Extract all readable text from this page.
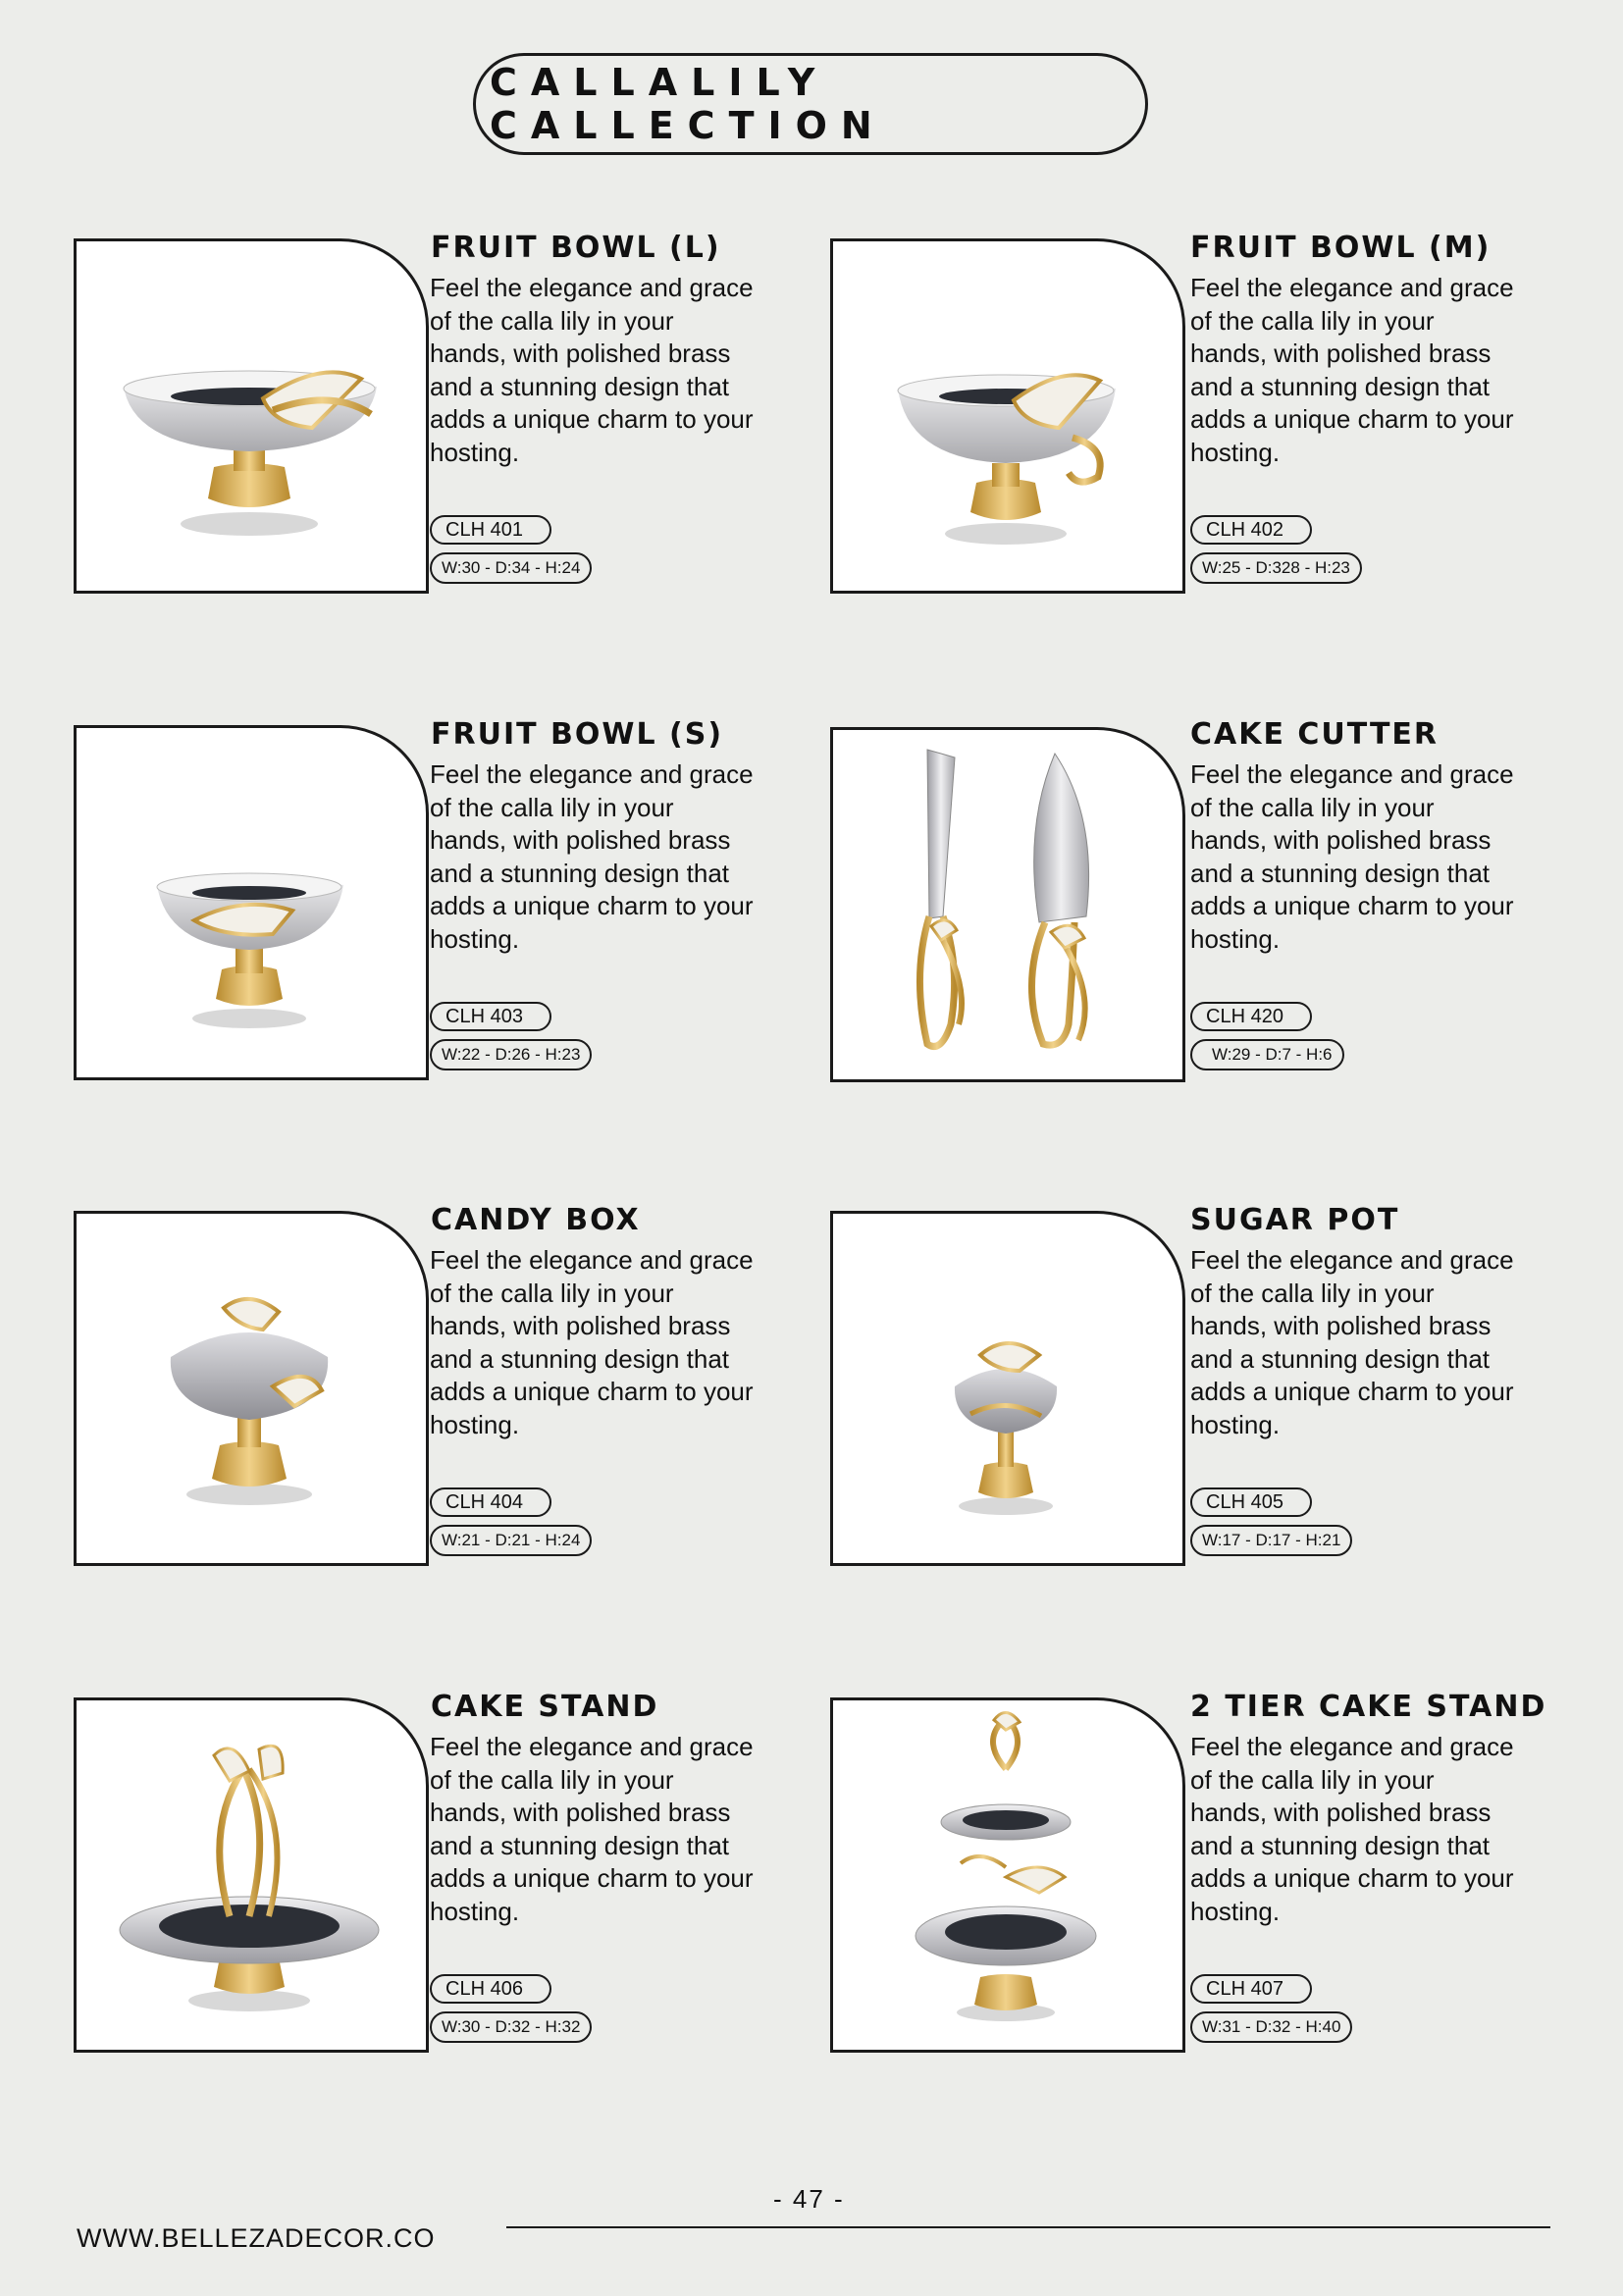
CALLALILY CALLECTION
FRUIT BOWL (L)
Feel the elegance and grace of the calla lily in your hands, with polished brass and a stunning design that adds a unique charm to your hosting.
CLH 401
W:30 - D:34 - H:24
FRUIT BOWL (M)
Feel the elegance and grace of the calla lily in your hands, with polished brass and a stunning design that adds a unique charm to your hosting.
CLH 402
W:25 - D:328 - H:23
FRUIT BOWL (S)
Feel the elegance and grace of the calla lily in your hands, with polished brass and a stunning design that adds a unique charm to your hosting.
CLH 403
W:22 - D:26 - H:23
CAKE CUTTER
Feel the elegance and grace of the calla lily in your hands, with polished brass and a stunning design that adds a unique charm to your hosting.
CLH 420
W:29 - D:7 - H:6
CANDY BOX
Feel the elegance and grace of the calla lily in your hands, with polished brass and a stunning design that adds a unique charm to your hosting.
CLH 404
W:21 - D:21 - H:24
SUGAR POT
Feel the elegance and grace of the calla lily in your hands, with polished brass and a stunning design that adds a unique charm to your hosting.
CLH 405
W:17 - D:17 - H:21
CAKE STAND
Feel the elegance and grace of the calla lily in your hands, with polished brass and a stunning design that adds a unique charm to your hosting.
CLH 406
W:30 - D:32 - H:32
2 TIER CAKE STAND
Feel the elegance and grace of the calla lily in your hands, with polished brass and a stunning design that adds a unique charm to your hosting.
CLH 407
W:31 - D:32 - H:40
- 47 -
WWW.BELLEZADECOR.CO
